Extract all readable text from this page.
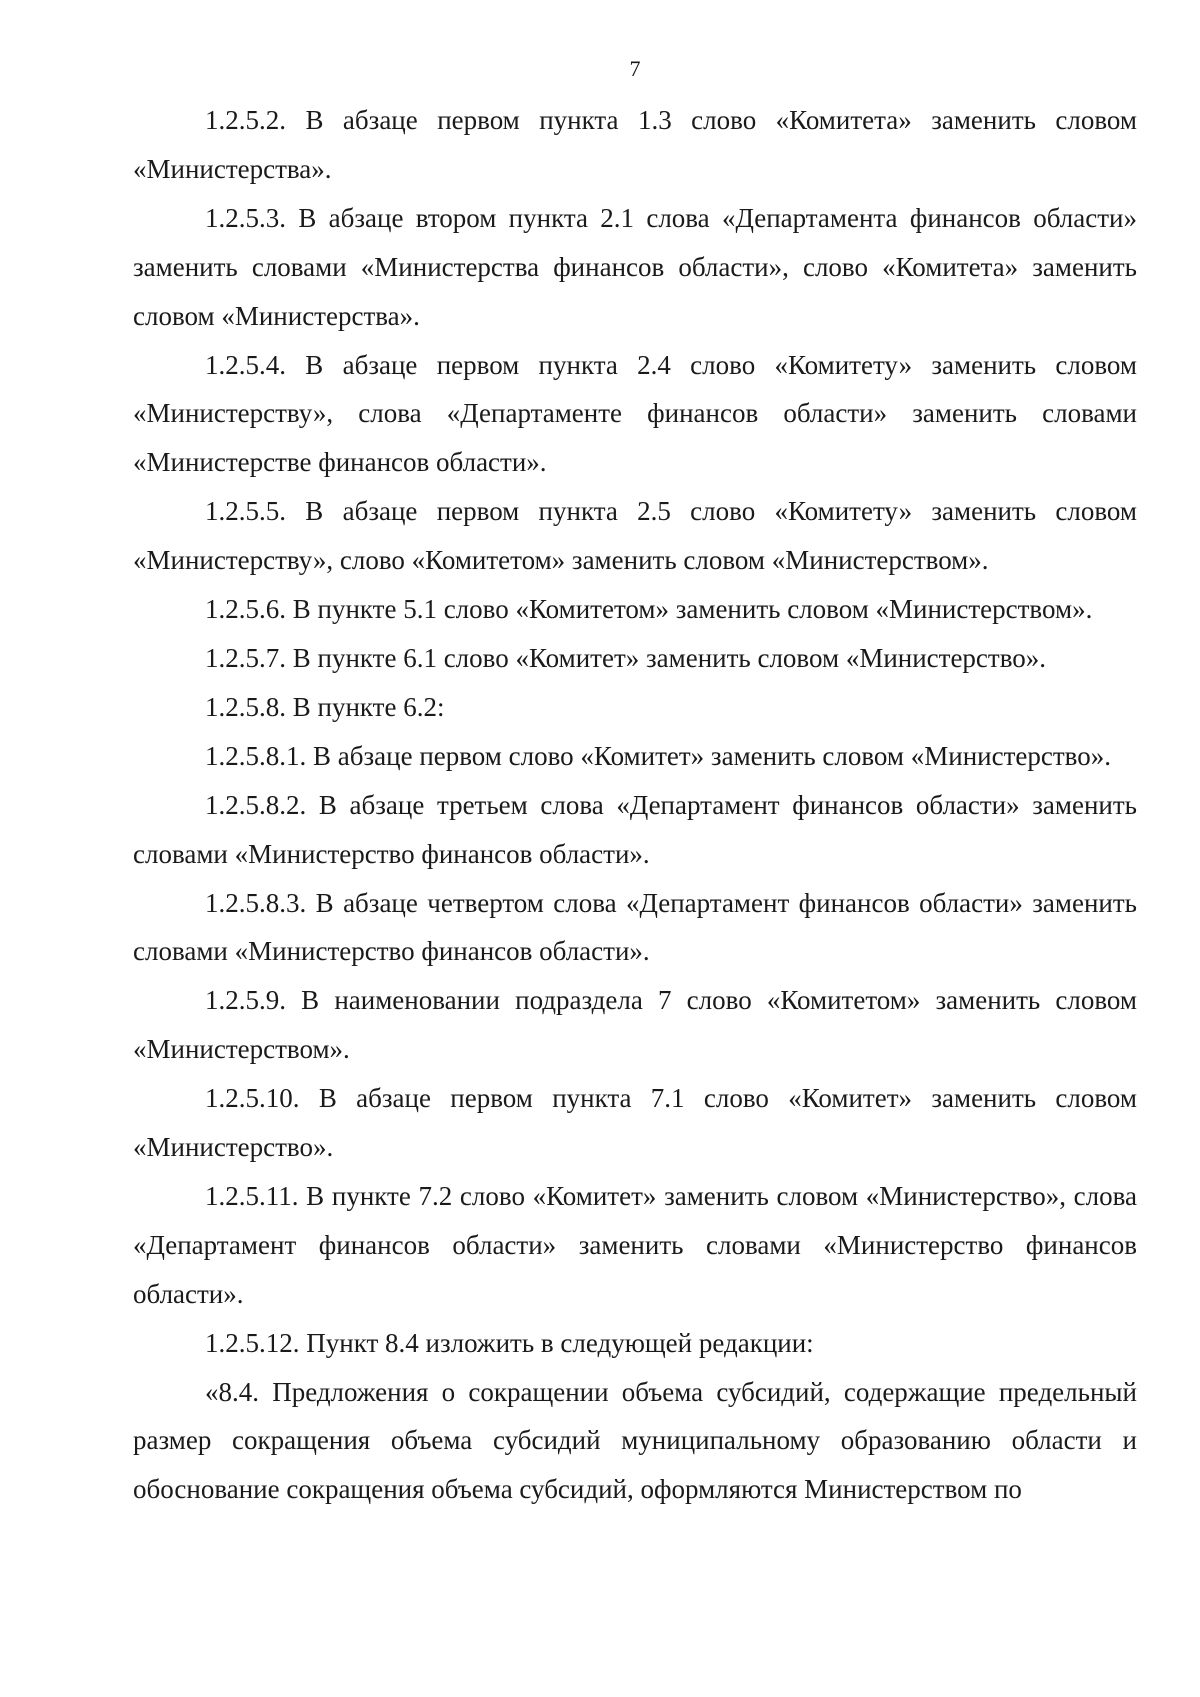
7

1.2.5.2. В абзаце первом пункта 1.3 слово «Комитета» заменить словом «Министерства».

1.2.5.3. В абзаце втором пункта 2.1 слова «Департамента финансов области» заменить словами «Министерства финансов области», слово «Комитета» заменить словом «Министерства».

1.2.5.4. В абзаце первом пункта 2.4 слово «Комитету» заменить словом «Министерству», слова «Департаменте финансов области» заменить словами «Министерстве финансов области».

1.2.5.5. В абзаце первом пункта 2.5 слово «Комитету» заменить словом «Министерству», слово «Комитетом» заменить словом «Министерством».

1.2.5.6. В пункте 5.1 слово «Комитетом» заменить словом «Министерством».

1.2.5.7. В пункте 6.1 слово «Комитет» заменить словом «Министерство».

1.2.5.8. В пункте 6.2:

1.2.5.8.1. В абзаце первом слово «Комитет» заменить словом «Министерство».

1.2.5.8.2. В абзаце третьем слова «Департамент финансов области» заменить словами «Министерство финансов области».

1.2.5.8.3. В абзаце четвертом слова «Департамент финансов области» заменить словами «Министерство финансов области».

1.2.5.9. В наименовании подраздела 7 слово «Комитетом» заменить словом «Министерством».

1.2.5.10. В абзаце первом пункта 7.1 слово «Комитет» заменить словом «Министерство».

1.2.5.11. В пункте 7.2 слово «Комитет» заменить словом «Министерство», слова «Департамент финансов области» заменить словами «Министерство финансов области».

1.2.5.12. Пункт 8.4 изложить в следующей редакции:

«8.4. Предложения о сокращении объема субсидий, содержащие предельный размер сокращения объема субсидий муниципальному образованию области и обоснование сокращения объема субсидий, оформляются Министерством по
